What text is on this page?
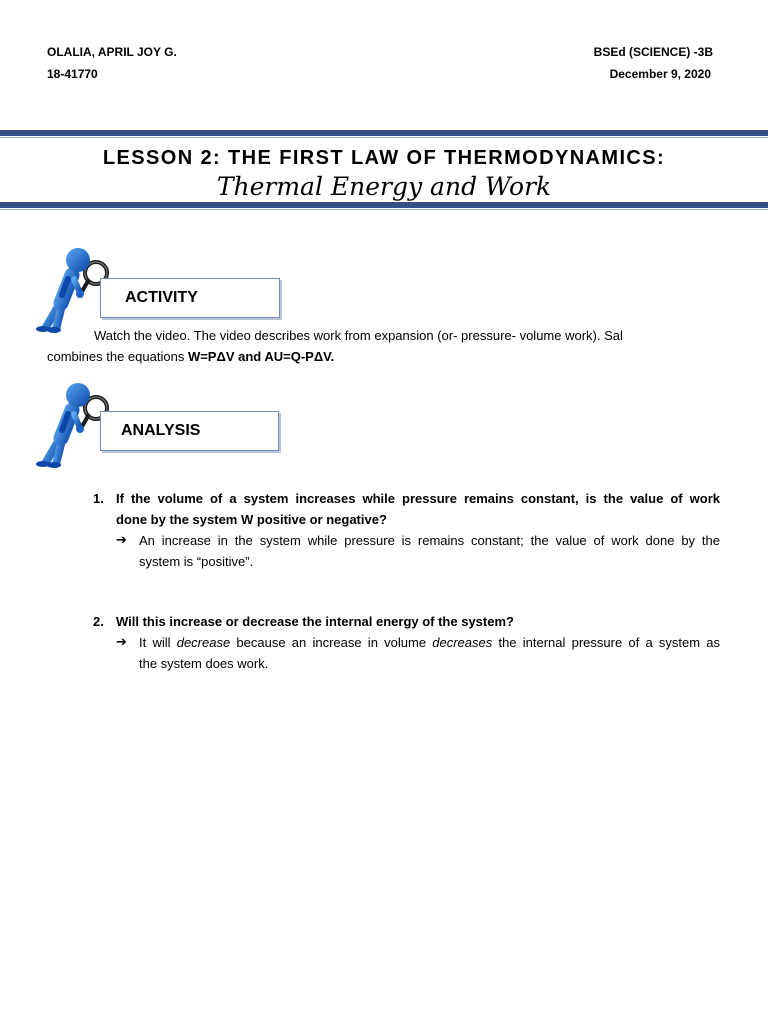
OLALIA, APRIL JOY G.
18-41770
BSEd (SCIENCE) -3B
December 9, 2020
LESSON 2: THE FIRST LAW OF THERMODYNAMICS:
Thermal Energy and Work
ACTIVITY
Watch the video. The video describes work from expansion (or- pressure- volume work). Sal
combines the equations W=PΔV and AU=Q-PΔV.
ANALYSIS
1. If the volume of a system increases while pressure remains constant, is the value of work
done by the system W positive or negative?
➔ An increase in the system while pressure is remains constant; the value of work done by the
system is “positive”.
2. Will this increase or decrease the internal energy of the system?
➔ It will decrease because an increase in volume decreases the internal pressure of a system as
the system does work.
